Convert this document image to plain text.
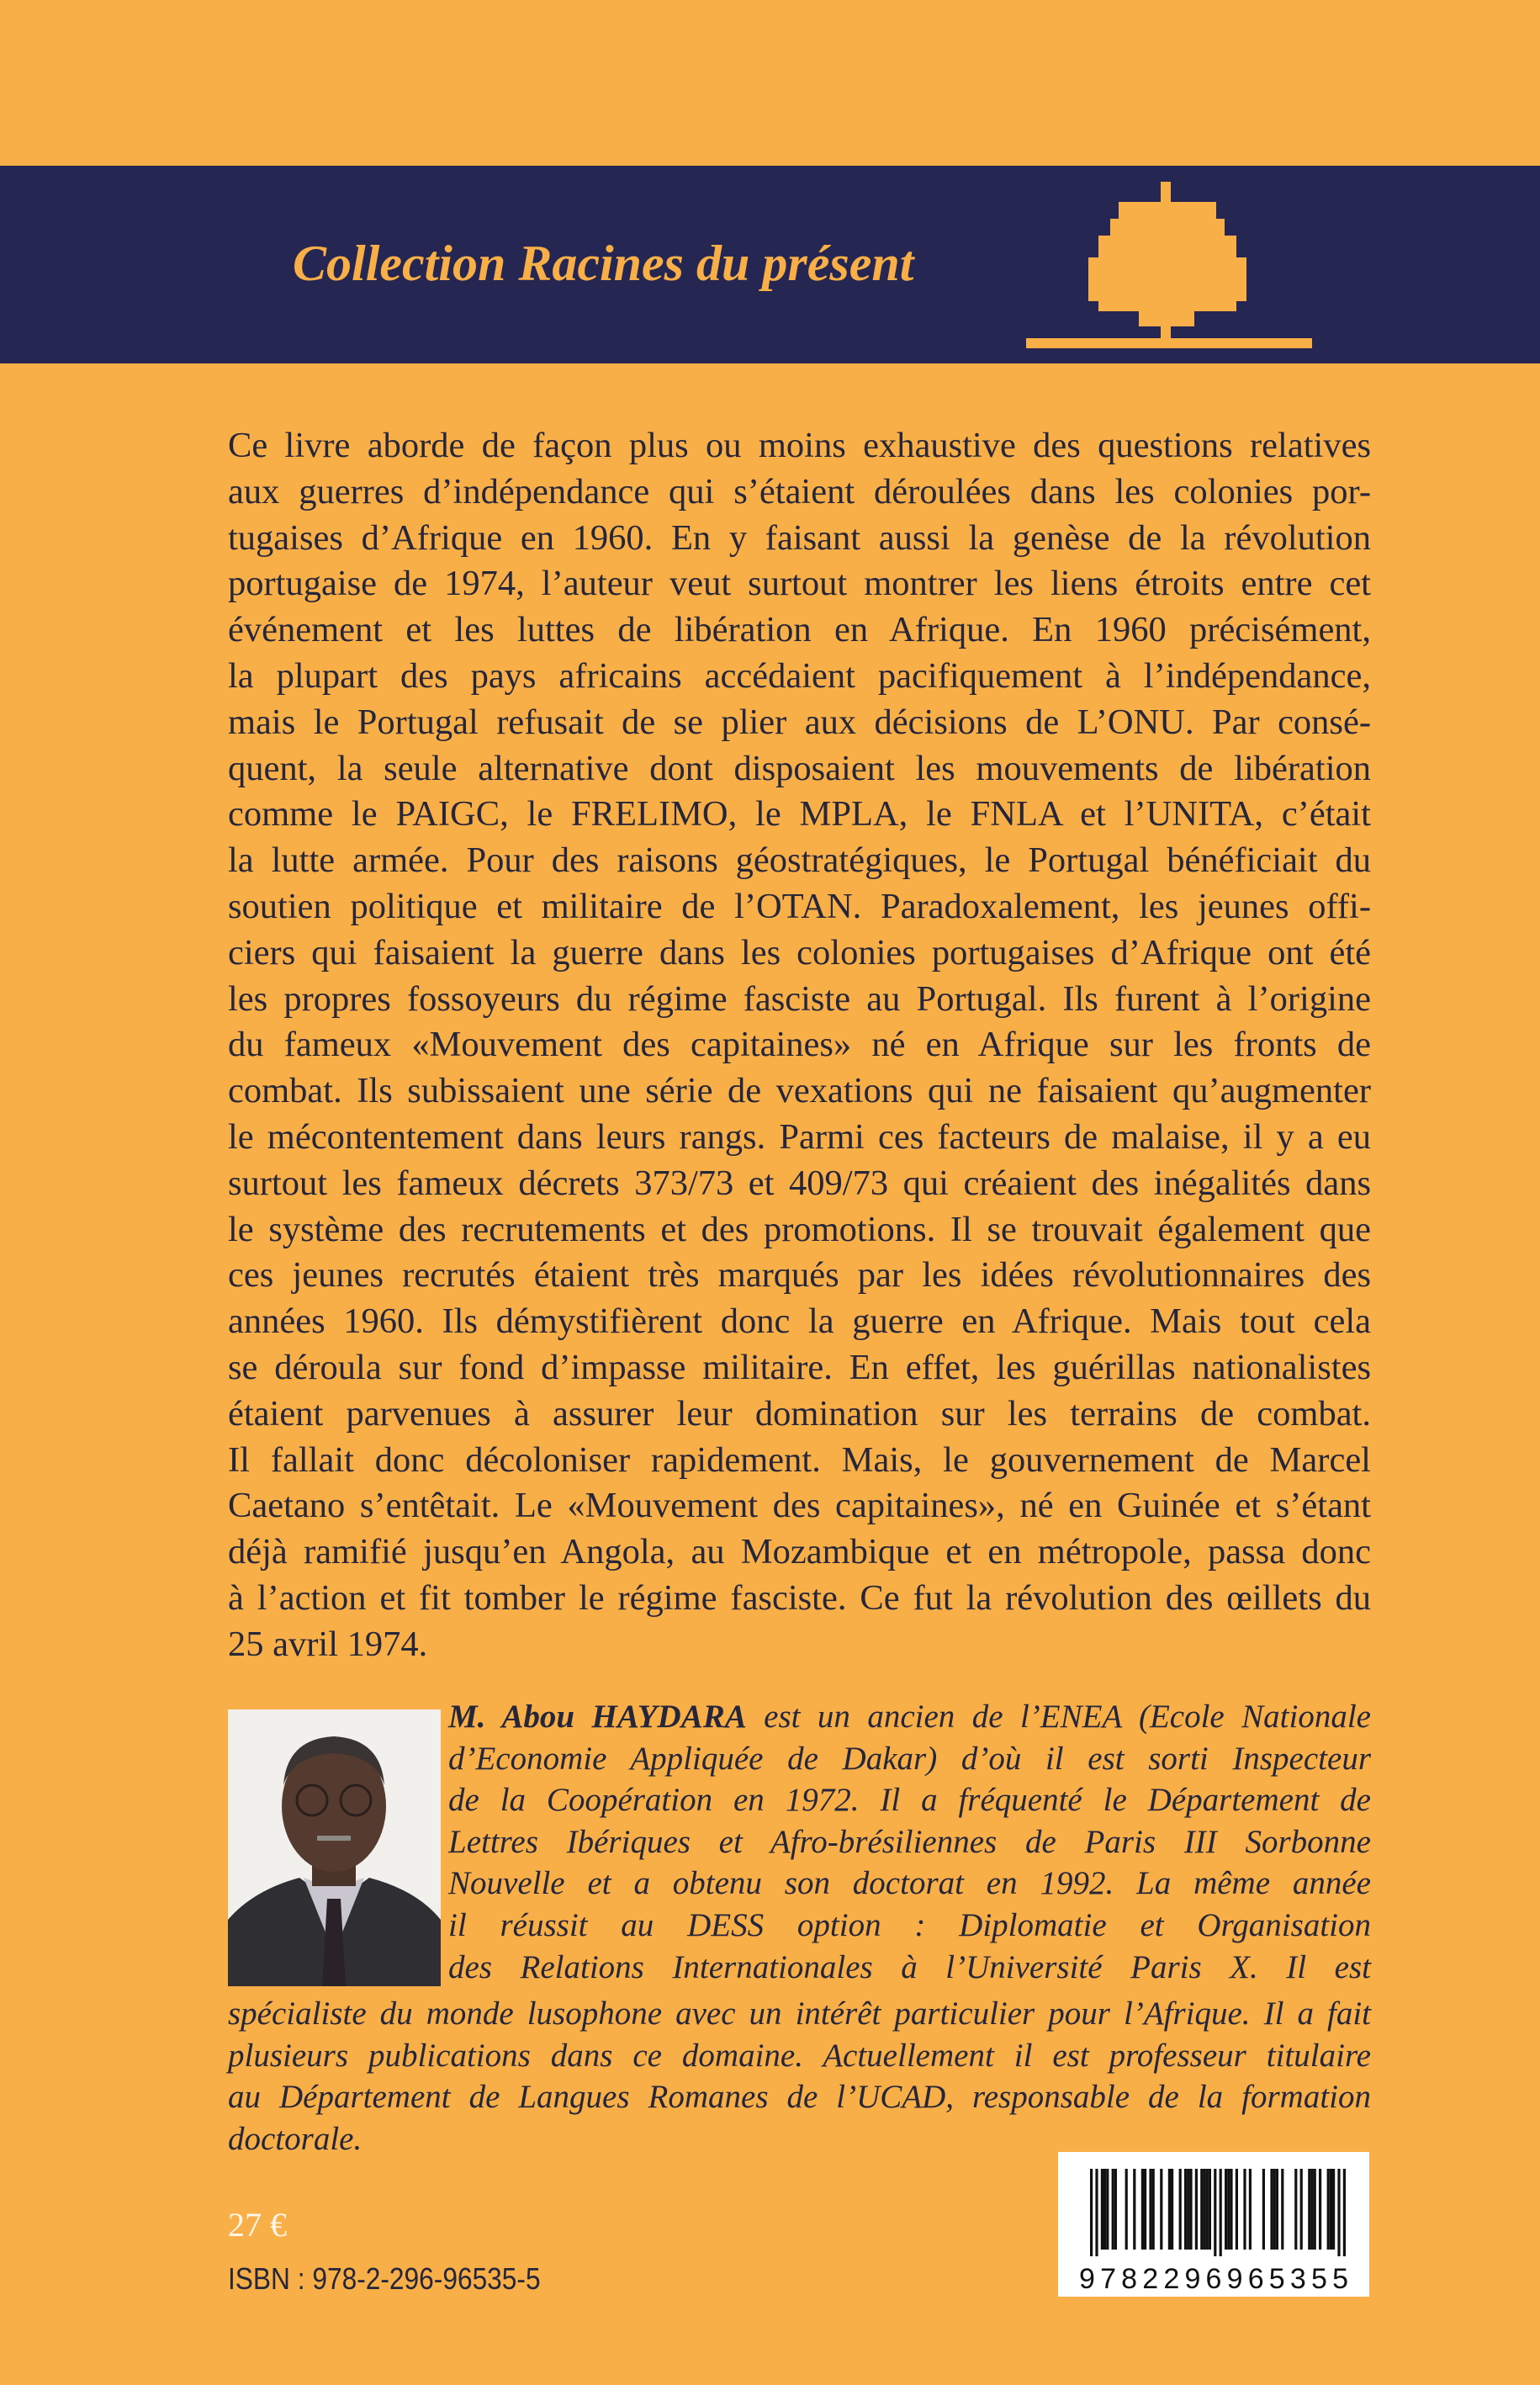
Collection Racines du présent
Ce livre aborde de façon plus ou moins exhaustive des questions relatives
aux guerres d’indépendance qui s’étaient déroulées dans les colonies por-
tugaises d’Afrique en 1960. En y faisant aussi la genèse de la révolution
portugaise de 1974, l’auteur veut surtout montrer les liens étroits entre cet
événement et les luttes de libération en Afrique. En 1960 précisément,
la plupart des pays africains accédaient pacifiquement à l’indépendance,
mais le Portugal refusait de se plier aux décisions de L’ONU. Par consé-
quent, la seule alternative dont disposaient les mouvements de libération
comme le PAIGC, le FRELIMO, le MPLA, le FNLA et l’UNITA, c’était
la lutte armée. Pour des raisons géostratégiques, le Portugal bénéficiait du
soutien politique et militaire de l’OTAN. Paradoxalement, les jeunes offi-
ciers qui faisaient la guerre dans les colonies portugaises d’Afrique ont été
les propres fossoyeurs du régime fasciste au Portugal. Ils furent à l’origine
du fameux «Mouvement des capitaines» né en Afrique sur les fronts de
combat. Ils subissaient une série de vexations qui ne faisaient qu’augmenter
le mécontentement dans leurs rangs. Parmi ces facteurs de malaise, il y a eu
surtout les fameux décrets 373/73 et 409/73 qui créaient des inégalités dans
le système des recrutements et des promotions. Il se trouvait également que
ces jeunes recrutés étaient très marqués par les idées révolutionnaires des
années 1960. Ils démystifièrent donc la guerre en Afrique. Mais tout cela
se déroula sur fond d’impasse militaire. En effet, les guérillas nationalistes
étaient parvenues à assurer leur domination sur les terrains de combat.
Il fallait donc décoloniser rapidement. Mais, le gouvernement de Marcel
Caetano s’entêtait. Le «Mouvement des capitaines», né en Guinée et s’étant
déjà ramifié jusqu’en Angola, au Mozambique et en métropole, passa donc
à l’action et fit tomber le régime fasciste. Ce fut la révolution des œillets du
25 avril 1974.
M. Abou HAYDARA est un ancien de l’ENEA (Ecole Nationale
d’Economie Appliquée de Dakar) d’où il est sorti Inspecteur
de la Coopération en 1972. Il a fréquenté le Département de
Lettres Ibériques et Afro-brésiliennes de Paris III Sorbonne
Nouvelle et a obtenu son doctorat en 1992. La même année
il réussit au DESS option : Diplomatie et Organisation
des Relations Internationales à l’Université Paris X. Il est
spécialiste du monde lusophone avec un intérêt particulier pour l’Afrique. Il a fait
plusieurs publications dans ce domaine. Actuellement il est professeur titulaire
au Département de Langues Romanes de l’UCAD, responsable de la formation
doctorale.
27 €
ISBN : 978-2-296-96535-5	9782296965355
